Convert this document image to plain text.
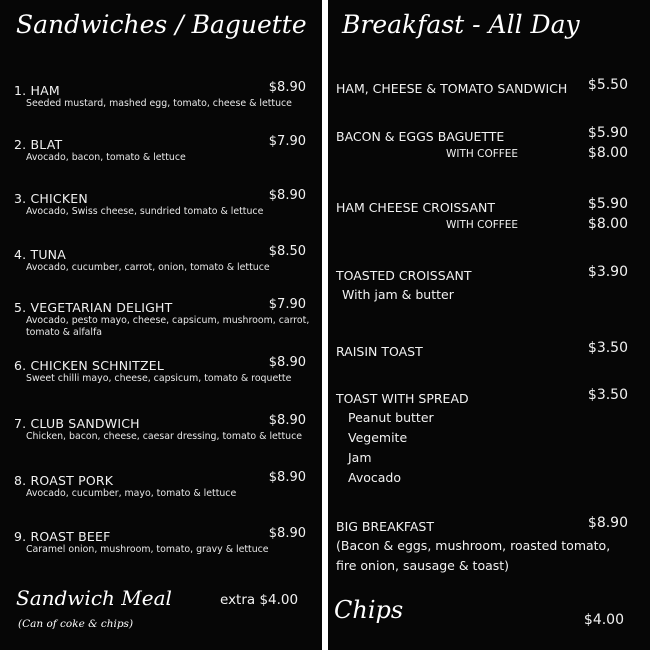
Sandwiches / Baguette
1. HAM	$8.90
Seeded mustard, mashed egg, tomato, cheese & lettuce
2. BLAT	$7.90
Avocado, bacon, tomato & lettuce
3. CHICKEN	$8.90
Avocado, Swiss cheese, sundried tomato & lettuce
4. TUNA	$8.50
Avocado, cucumber, carrot, onion, tomato & lettuce
5. VEGETARIAN DELIGHT	$7.90
Avocado, pesto mayo, cheese, capsicum, mushroom, carrot, tomato & alfalfa
6. CHICKEN SCHNITZEL	$8.90
Sweet chilli mayo, cheese, capsicum, tomato & roquette
7. CLUB SANDWICH	$8.90
Chicken, bacon, cheese, caesar dressing, tomato & lettuce
8. ROAST PORK	$8.90
Avocado, cucumber, mayo, tomato & lettuce
9. ROAST BEEF	$8.90
Caramel onion, mushroom, tomato, gravy & lettuce
Sandwich Meal
(Can of coke & chips)
extra $4.00
Breakfast - All Day
HAM, CHEESE & TOMATO SANDWICH $5.50
BACON & EGGS BAGUETTE	$5.90
WITH COFFEE	$8.00
HAM CHEESE CROISSANT	$5.90
WITH COFFEE	$8.00
TOASTED CROISSANT	$3.90
With jam & butter
RAISIN TOAST	$3.50
TOAST WITH SPREAD	$3.50
Peanut butter
Vegemite
Jam
Avocado
BIG BREAKFAST	$8.90
(Bacon & eggs, mushroom, roasted tomato,
fire onion, sausage & toast)
Chips	$4.00
